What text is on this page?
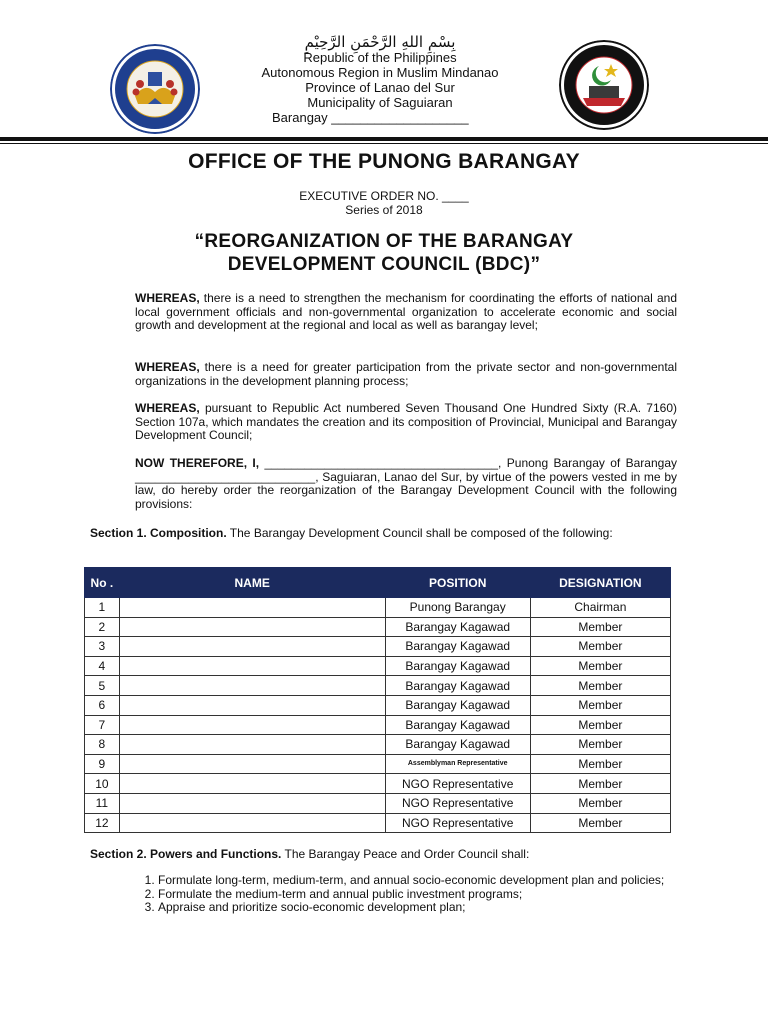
بِسْمِ اللهِ الرَّحْمَنِ الرَّحِيْمِ
Republic of the Philippines
Autonomous Region in Muslim Mindanao
Province of Lanao del Sur
Municipality of Saguiaran
Barangay ___________________
OFFICE OF THE PUNONG BARANGAY
EXECUTIVE ORDER NO. ____
Series of 2018
“REORGANIZATION OF THE BARANGAY
DEVELOPMENT COUNCIL (BDC)”

WHEREAS, there is a need to strengthen the mechanism for coordinating the efforts of national and local government officials and non-governmental organization to accelerate economic and social growth and development at the regional and local as well as barangay level;

WHEREAS, there is a need for greater participation from the private sector and non-governmental organizations in the development planning process;

WHEREAS, pursuant to Republic Act numbered Seven Thousand One Hundred Sixty (R.A. 7160) Section 107a, which mandates the creation and its composition of Provincial, Municipal and Barangay Development Council;

NOW THEREFORE, I, ___________________________________, Punong Barangay of Barangay ___________________________, Saguiaran, Lanao del Sur, by virtue of the powers vested in me by law, do hereby order the reorganization of the Barangay Development Council with the following provisions:

Section 1. Composition. The Barangay Development Council shall be composed of the following:

No .	NAME	POSITION	DESIGNATION
1		Punong Barangay	Chairman
2		Barangay Kagawad	Member
3		Barangay Kagawad	Member
4		Barangay Kagawad	Member
5		Barangay Kagawad	Member
6		Barangay Kagawad	Member
7		Barangay Kagawad	Member
8		Barangay Kagawad	Member
9		Assemblyman Representative	Member
10		NGO Representative	Member
11		NGO Representative	Member
12		NGO Representative	Member
Section 2. Powers and Functions. The Barangay Peace and Order Council shall:
1. Formulate long-term, medium-term, and annual socio-economic development plan and policies;
2. Formulate the medium-term and annual public investment programs;
3. Appraise and prioritize socio-economic development plan;
